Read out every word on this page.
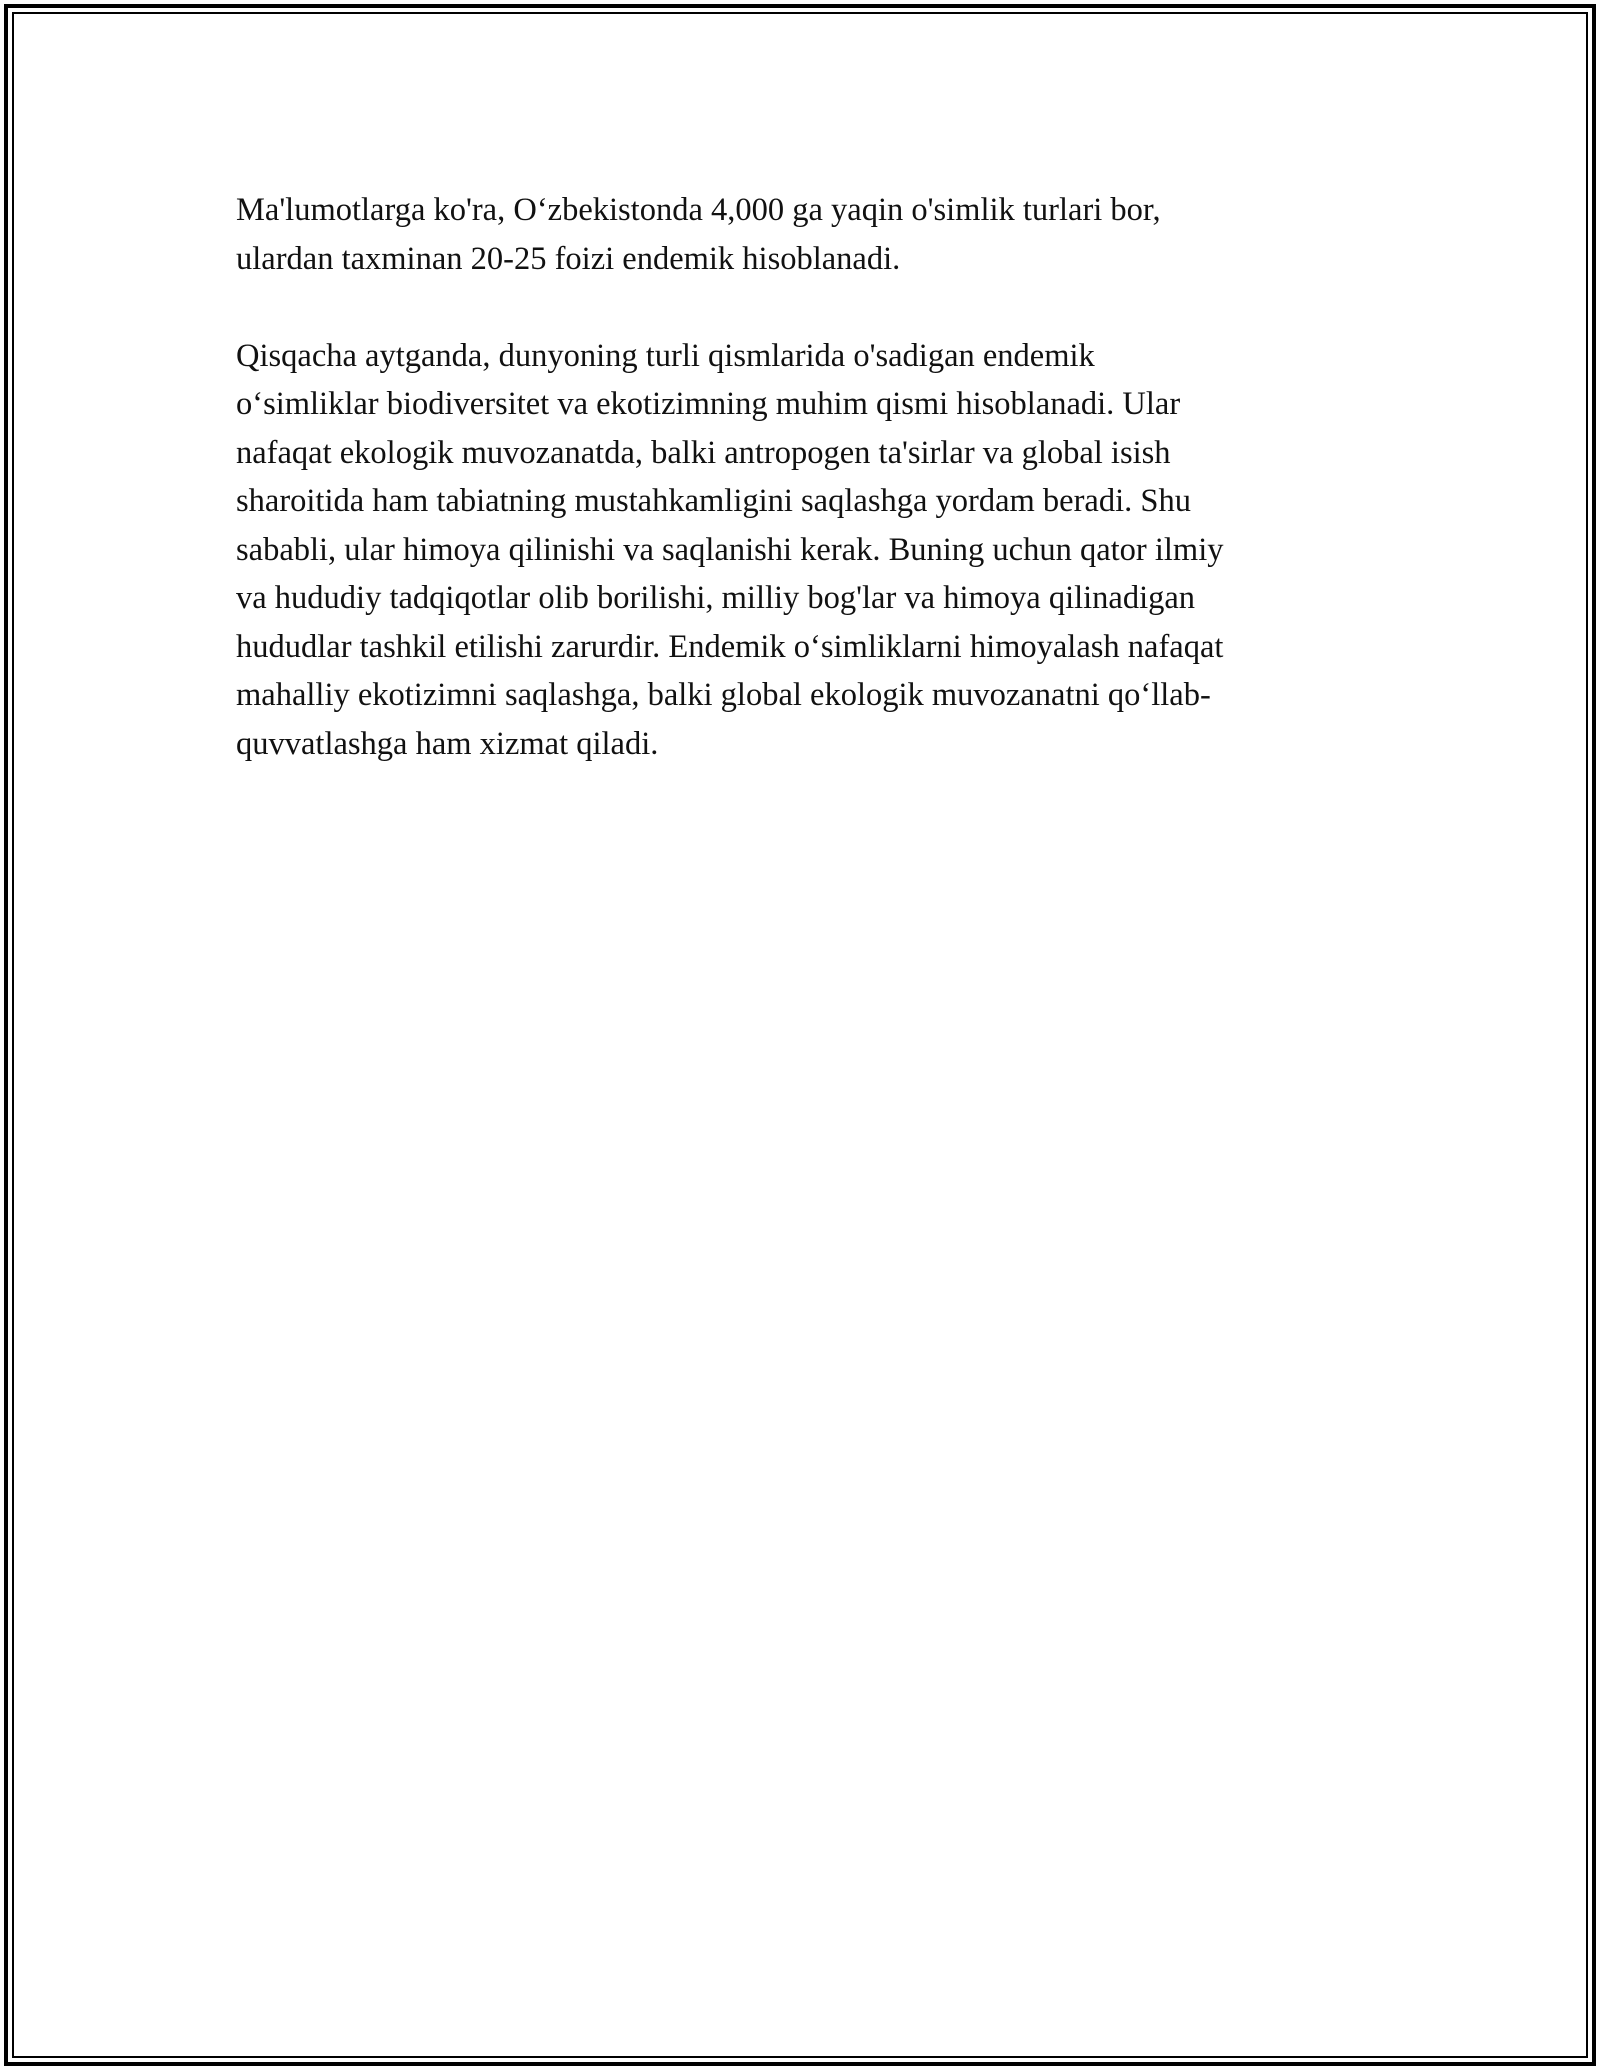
Ma'lumotlarga ko'ra, O‘zbekistonda 4,000 ga yaqin o'simlik turlari bor,
ulardan taxminan 20-25 foizi endemik hisoblanadi.

Qisqacha aytganda, dunyoning turli qismlarida o'sadigan endemik
o‘simliklar biodiversitet va ekotizimning muhim qismi hisoblanadi. Ular
nafaqat ekologik muvozanatda, balki antropogen ta'sirlar va global isish
sharoitida ham tabiatning mustahkamligini saqlashga yordam beradi. Shu
sababli, ular himoya qilinishi va saqlanishi kerak. Buning uchun qator ilmiy
va hududiy tadqiqotlar olib borilishi, milliy bog'lar va himoya qilinadigan
hududlar tashkil etilishi zarurdir. Endemik o‘simliklarni himoyalash nafaqat
mahalliy ekotizimni saqlashga, balki global ekologik muvozanatni qo‘llab-
quvvatlashga ham xizmat qiladi.
